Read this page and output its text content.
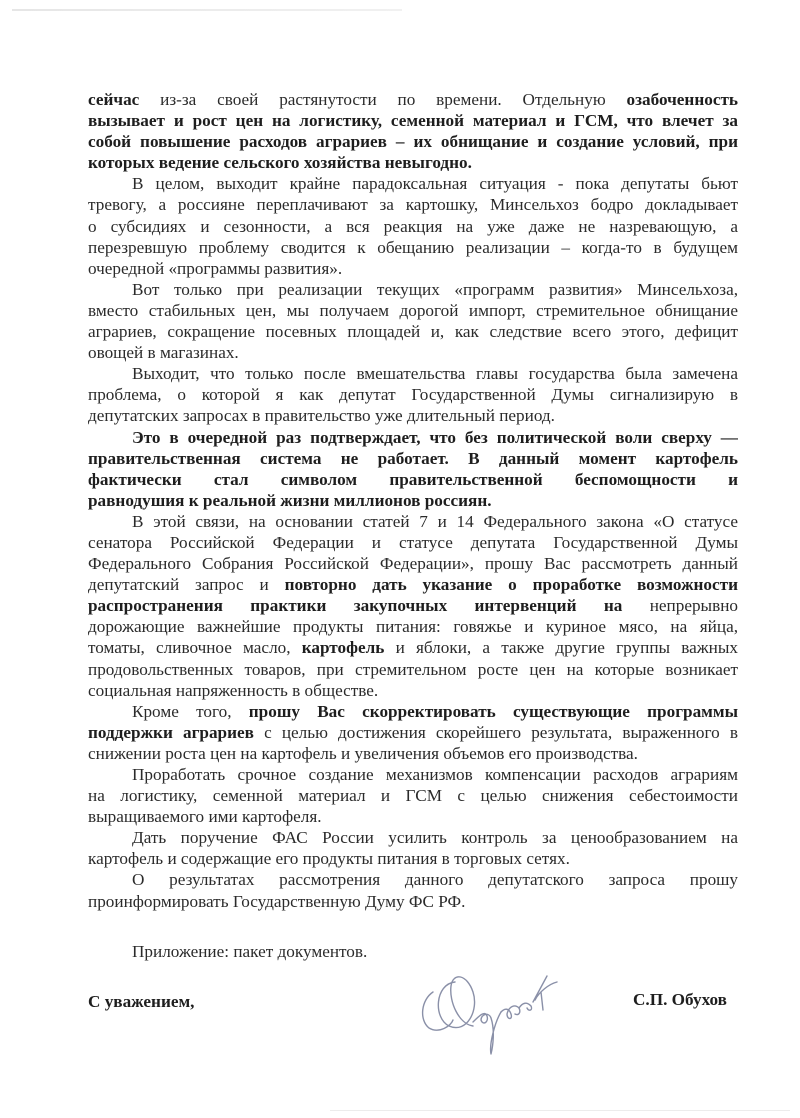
сейчас из-за своей растянутости по времени. Отдельную озабоченность
вызывает и рост цен на логистику, семенной материал и ГСМ, что влечет за
собой повышение расходов аграриев – их обнищание и создание условий, при
которых ведение сельского хозяйства невыгодно.
В целом, выходит крайне парадоксальная ситуация - пока депутаты бьют
тревогу, а россияне переплачивают за картошку, Минсельхоз бодро докладывает
о субсидиях и сезонности, а вся реакция на уже даже не назревающую, а
перезревшую проблему сводится к обещанию реализации – когда-то в будущем
очередной «программы развития».
Вот только при реализации текущих «программ развития» Минсельхоза,
вместо стабильных цен, мы получаем дорогой импорт, стремительное обнищание
аграриев, сокращение посевных площадей и, как следствие всего этого, дефицит
овощей в магазинах.
Выходит, что только после вмешательства главы государства была замечена
проблема, о которой я как депутат Государственной Думы сигнализирую в
депутатских запросах в правительство уже длительный период.
Это в очередной раз подтверждает, что без политической воли сверху —
правительственная система не работает. В данный момент картофель
фактически стал символом правительственной беспомощности и
равнодушия к реальной жизни миллионов россиян.
В этой связи, на основании статей 7 и 14 Федерального закона «О статусе
сенатора Российской Федерации и статусе депутата Государственной Думы
Федерального Собрания Российской Федерации», прошу Вас рассмотреть данный
депутатский запрос и повторно дать указание о проработке возможности
распространения практики закупочных интервенций на непрерывно
дорожающие важнейшие продукты питания: говяжье и куриное мясо, на яйца,
томаты, сливочное масло, картофель и яблоки, а также другие группы важных
продовольственных товаров, при стремительном росте цен на которые возникает
социальная напряженность в обществе.
Кроме того, прошу Вас скорректировать существующие программы
поддержки аграриев с целью достижения скорейшего результата, выраженного в
снижении роста цен на картофель и увеличения объемов его производства.
Проработать срочное создание механизмов компенсации расходов аграриям
на логистику, семенной материал и ГСМ с целью снижения себестоимости
выращиваемого ими картофеля.
Дать поручение ФАС России усилить контроль за ценообразованием на
картофель и содержащие его продукты питания в торговых сетях.
О результатах рассмотрения данного депутатского запроса прошу
проинформировать Государственную Думу ФС РФ.
Приложение: пакет документов.
С уважением,	С.П. Обухов
